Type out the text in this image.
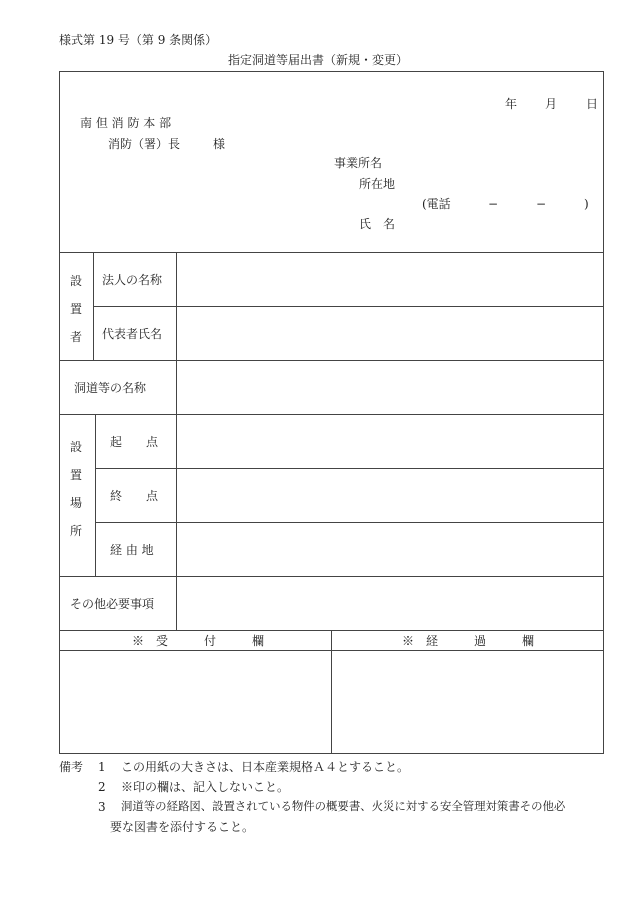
様式第 19 号（第 9 条関係）
指定洞道等届出書（新規・変更）
年 月 日
南 但 消 防 本 部
消防（署）長	様
事業所名
所在地
(電話	−	−	)
氏　名
設
置
者
法人の名称
代表者氏名
洞道等の名称
設
置
場
所
起　　点
終　　点
経 由 地
その他必要事項
※　受　　　付　　　欄	※　経　　　過　　　欄
備考 1 この用紙の大きさは、日本産業規格Ａ４とすること。
2 ※印の欄は、記入しないこと。
3 洞道等の経路図、設置されている物件の概要書、火災に対する安全管理対策書その他必
要な図書を添付すること。
